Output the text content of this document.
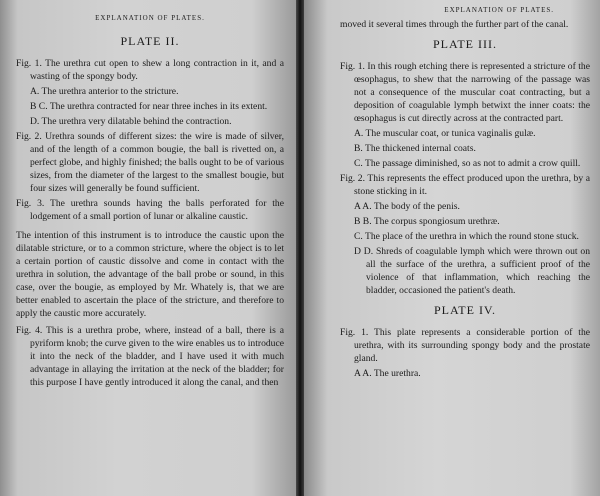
EXPLANATION OF PLATES.
PLATE II.

Fig. 1. The urethra cut open to shew a long contraction in it, and a wasting of the spongy body.

A. The urethra anterior to the stricture.

B C. The urethra contracted for near three inches in its extent.

D. The urethra very dilatable behind the contraction.

Fig. 2. Urethra sounds of different sizes: the wire is made of silver, and of the length of a common bougie, the ball is rivetted on, a perfect globe, and highly finished; the balls ought to be of various sizes, from the diameter of the largest to the smallest bougie, but four sizes will generally be found sufficient.

Fig. 3. The urethra sounds having the balls perforated for the lodgement of a small portion of lunar or alkaline caustic.

The intention of this instrument is to introduce the caustic upon the dilatable stricture, or to a common stricture, where the object is to let a certain portion of caustic dissolve and come in contact with the urethra in solution, the advantage of the ball probe or sound, in this case, over the bougie, as employed by Mr. Whately is, that we are better enabled to ascertain the place of the stricture, and therefore to apply the caustic more accurately.

Fig. 4. This is a urethra probe, where, instead of a ball, there is a pyriform knob; the curve given to the wire enables us to introduce it into the neck of the bladder, and I have used it with much advantage in allaying the irritation at the neck of the bladder; for this purpose I have gently introduced it along the canal, and then

EXPLANATION OF PLATES.

moved it several times through the further part of the canal.

PLATE III.

Fig. 1. In this rough etching there is represented a stricture of the œsophagus, to shew that the narrowing of the passage was not a consequence of the muscular coat contracting, but a deposition of coagulable lymph betwixt the inner coats: the œsophagus is cut directly across at the contracted part.

A. The muscular coat, or tunica vaginalis gulæ.

B. The thickened internal coats.

C. The passage diminished, so as not to admit a crow quill.

Fig. 2. This represents the effect produced upon the urethra, by a stone sticking in it.

A A. The body of the penis.

B B. The corpus spongiosum urethræ.

C. The place of the urethra in which the round stone stuck.

D D. Shreds of coagulable lymph which were thrown out on all the surface of the urethra, a sufficient proof of the violence of that inflammation, which reaching the bladder, occasioned the patient's death.

PLATE IV.

Fig. 1. This plate represents a considerable portion of the urethra, with its surrounding spongy body and the prostate gland.

A A. The urethra.
